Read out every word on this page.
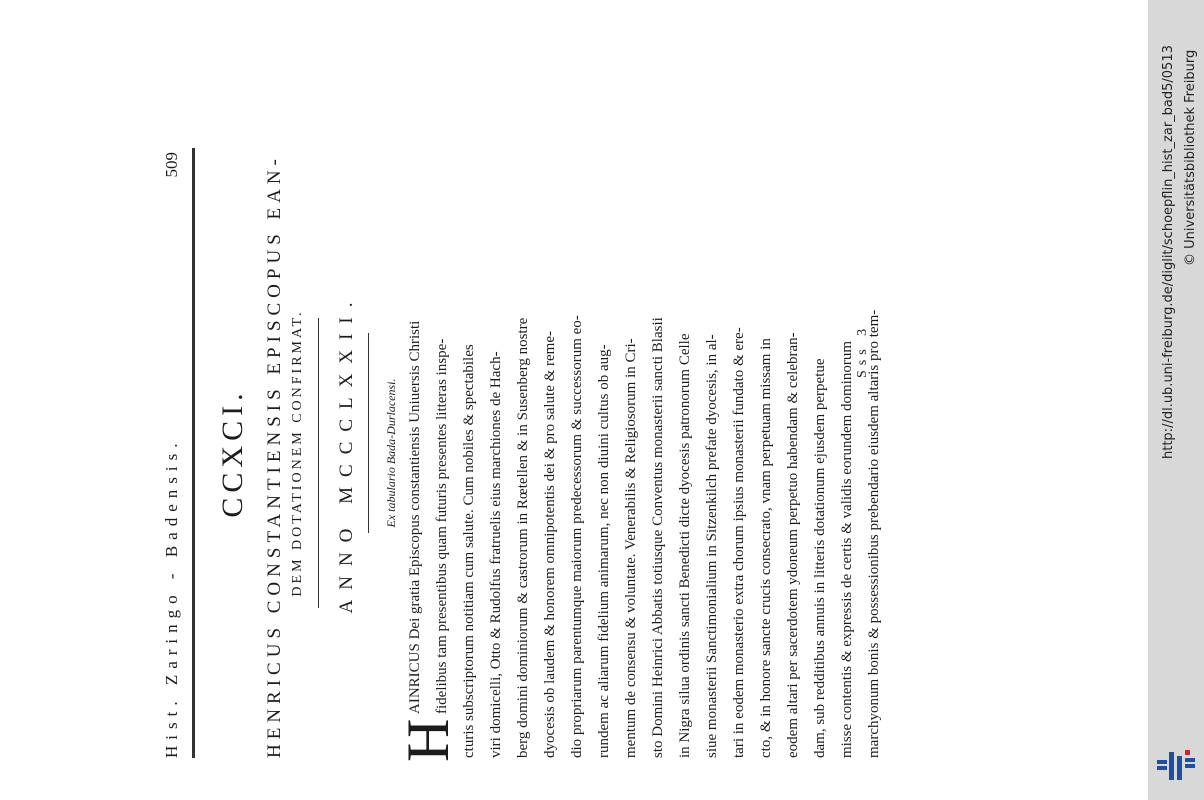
Hist. Zaringo - Badensis.
509
CCXCI. HENRICUS CONSTANTIENSIS EPISCOPUS EAN- DEM DOTATIONEM CONFIRMAT. ANNO MCCCLXXII. Ex tabulario Bada-Durlacensi.
H
AINRICUS Dei gratia Episcopus constantiensis Uniuersis Christi fidelibus tam presentibus quam futuris presentes litteras inspe- cturis subscriptorum notitiam cum salute. Cum nobiles & spectabiles viri domicelli, Otto & Rudolfus fratruelis eius marchiones de Hach- berg domini dominiorum & castrorum in Rœtellen & in Susenberg nostre dyocesis ob laudem & honorem omnipotentis dei & pro salute & reme- dio propriarum parentumque maiorum predecessorum & successorum eo- rundem ac aliarum fidelium animarum, nec non diuini cultus ob aug- mentum de consensu & voluntate. Venerabilis & Religiosorum in Cri- sto Domini Heinrici Abbatis totiusque Conventus monasterii sancti Blasii in Nigra silua ordinis sancti Benedicti dicte dyocesis patronorum Celle siue monasterii Sanctimonialium in Sitzenkilch prefate dyocesis, in al- tari in eodem monasterio extra chorum ipsius monasterii fundato & ere- cto, & in honore sancte crucis consecrato, vnam perpetuam missam in eodem altari per sacerdotem ydoneum perpetuo habendam & celebran- dam, sub redditibus annuis in litteris dotationum ejusdem perpetue misse contentis & expressis de certis & validis eorundem dominorum marchyonum bonis & possessionibus prebendario eiusdem altaris pro tem-
Sss 3
